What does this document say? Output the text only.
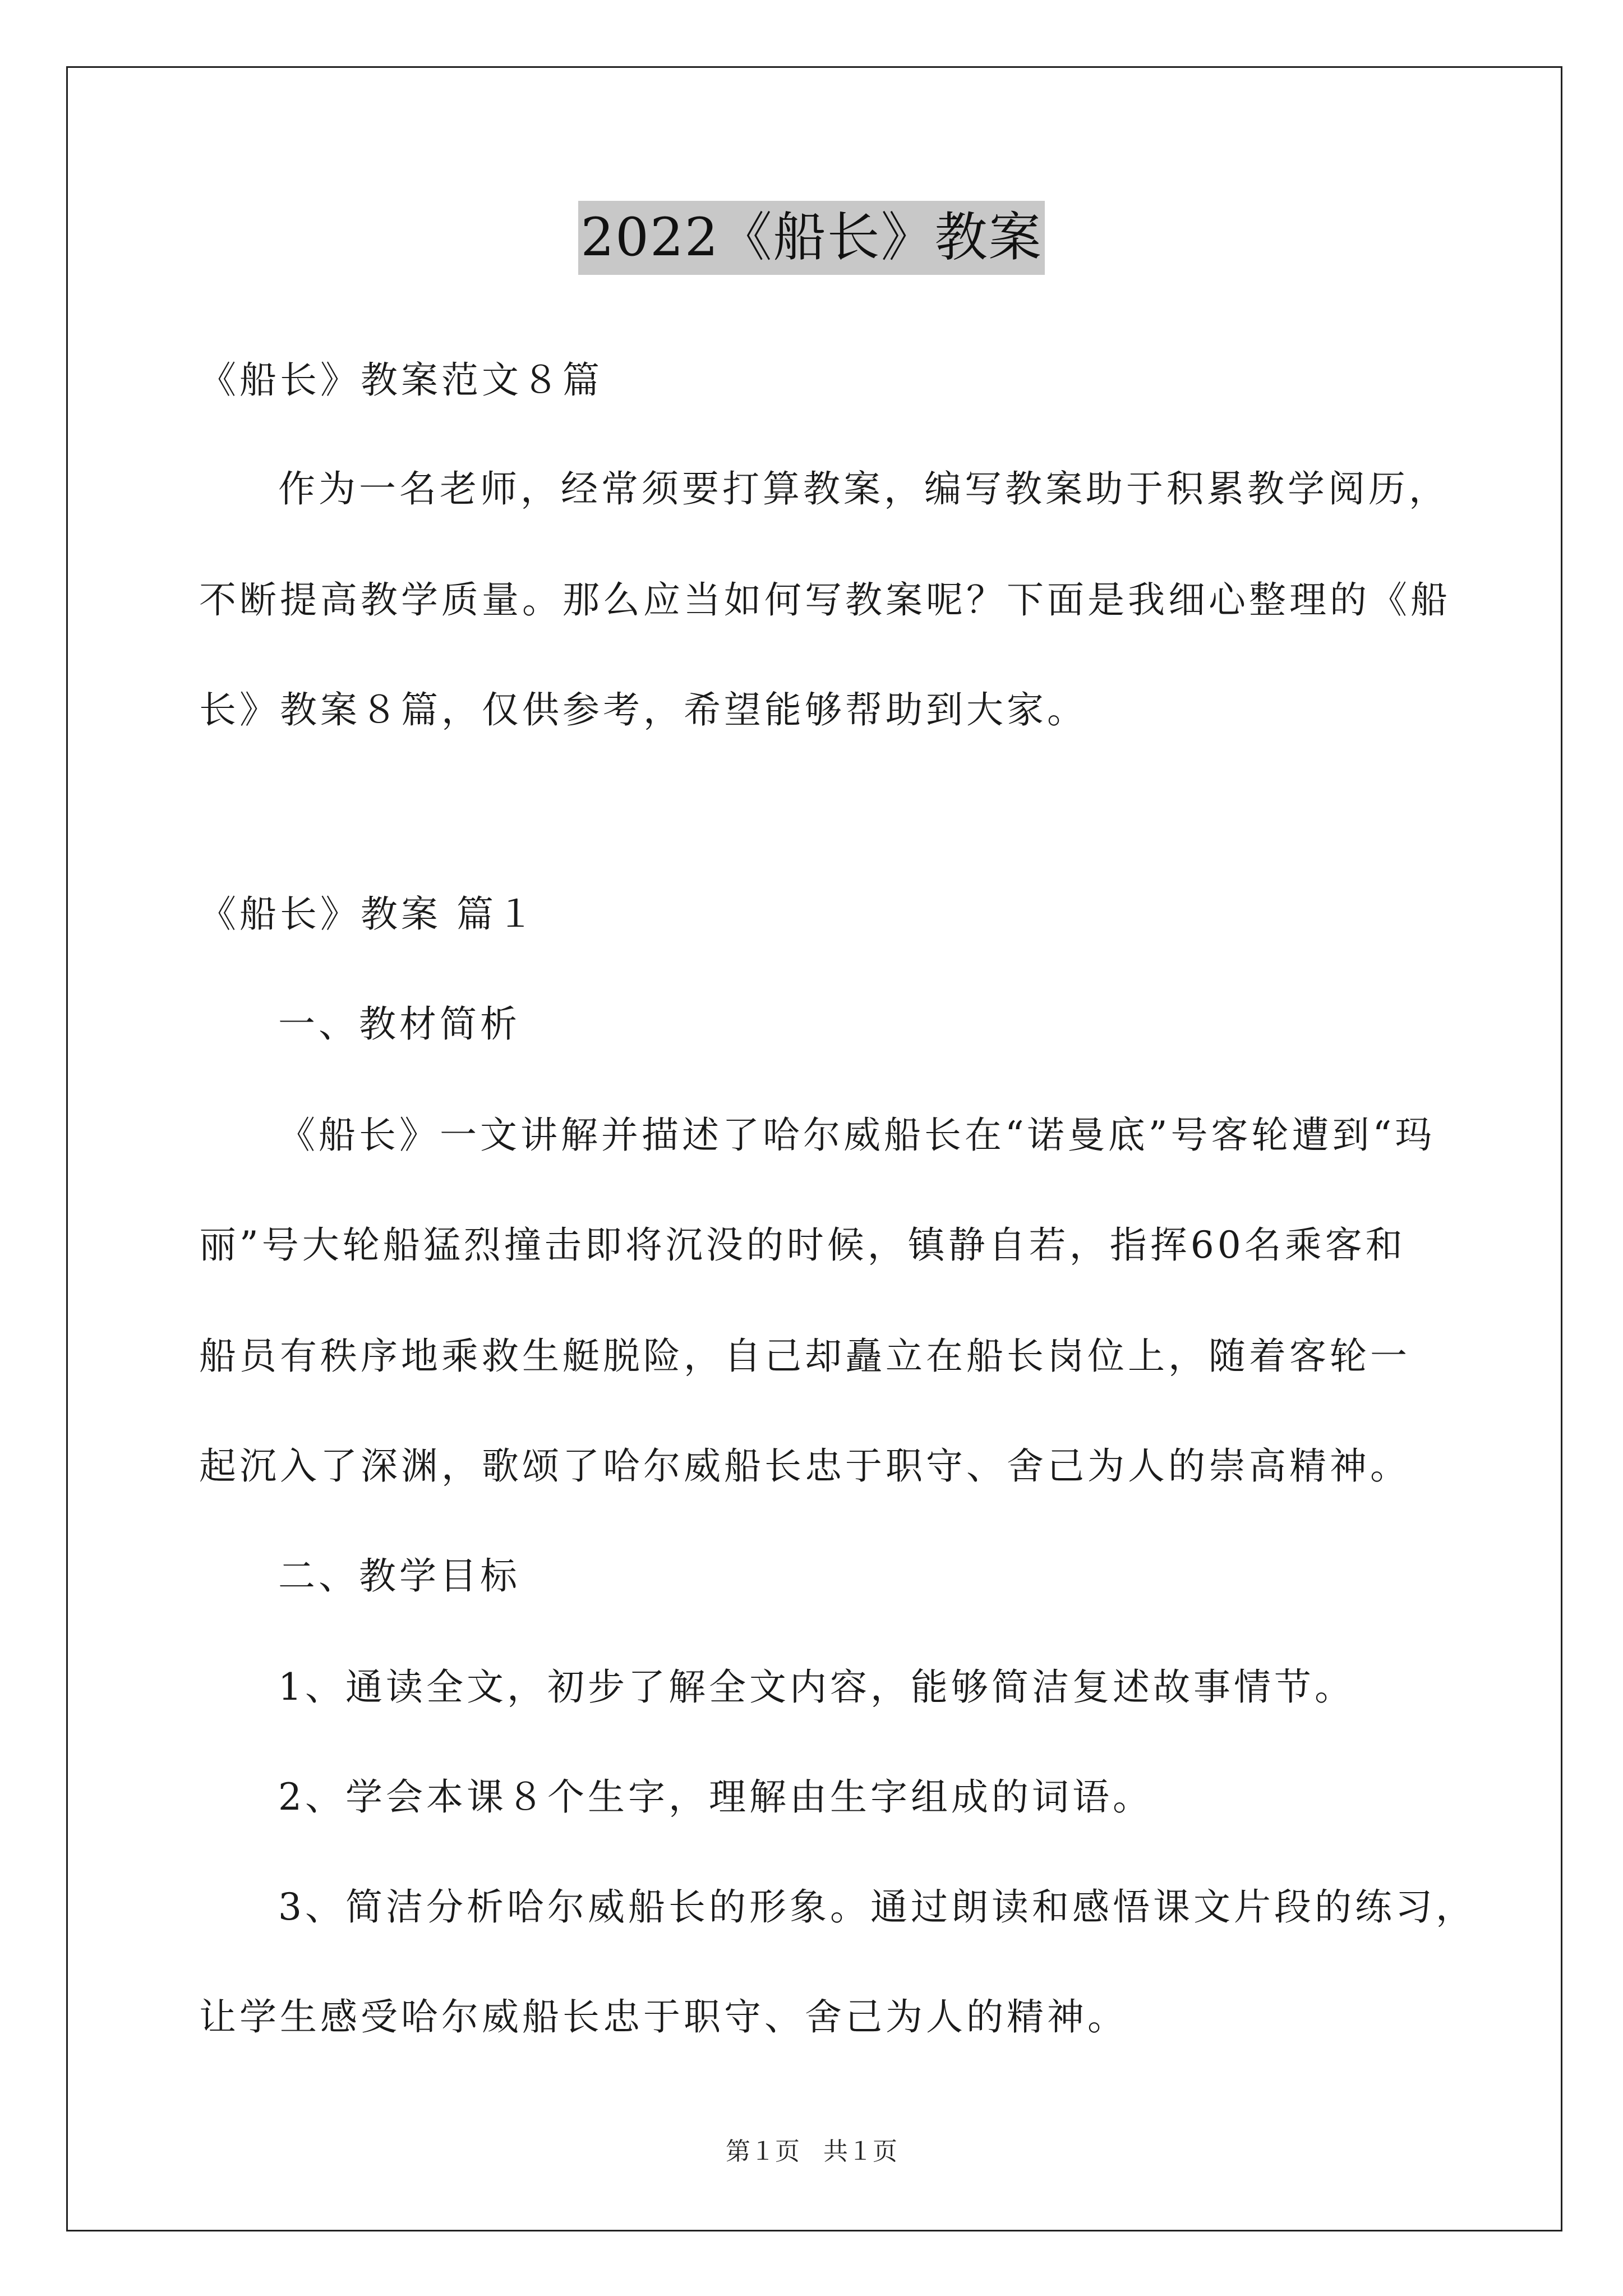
2022《船长》教案
《船长》教案范文８篇
作为一名老师，经常须要打算教案，编写教案助于积累教学阅历，
不断提高教学质量。那么应当如何写教案呢？下面是我细心整理的《船
长》教案８篇，仅供参考，希望能够帮助到大家。
《船长》教案 篇１
一、教材简析
《船长》一文讲解并描述了哈尔威船长在“诺曼底”号客轮遭到“玛
丽”号大轮船猛烈撞击即将沉没的时候，镇静自若，指挥60名乘客和
船员有秩序地乘救生艇脱险，自己却矗立在船长岗位上，随着客轮一
起沉入了深渊，歌颂了哈尔威船长忠于职守、舍己为人的崇高精神。
二、教学目标
1、通读全文，初步了解全文内容，能够简洁复述故事情节。
2、学会本课８个生字，理解由生字组成的词语。
3、简洁分析哈尔威船长的形象。通过朗读和感悟课文片段的练习，
让学生感受哈尔威船长忠于职守、舍己为人的精神。
第１页 共１页
